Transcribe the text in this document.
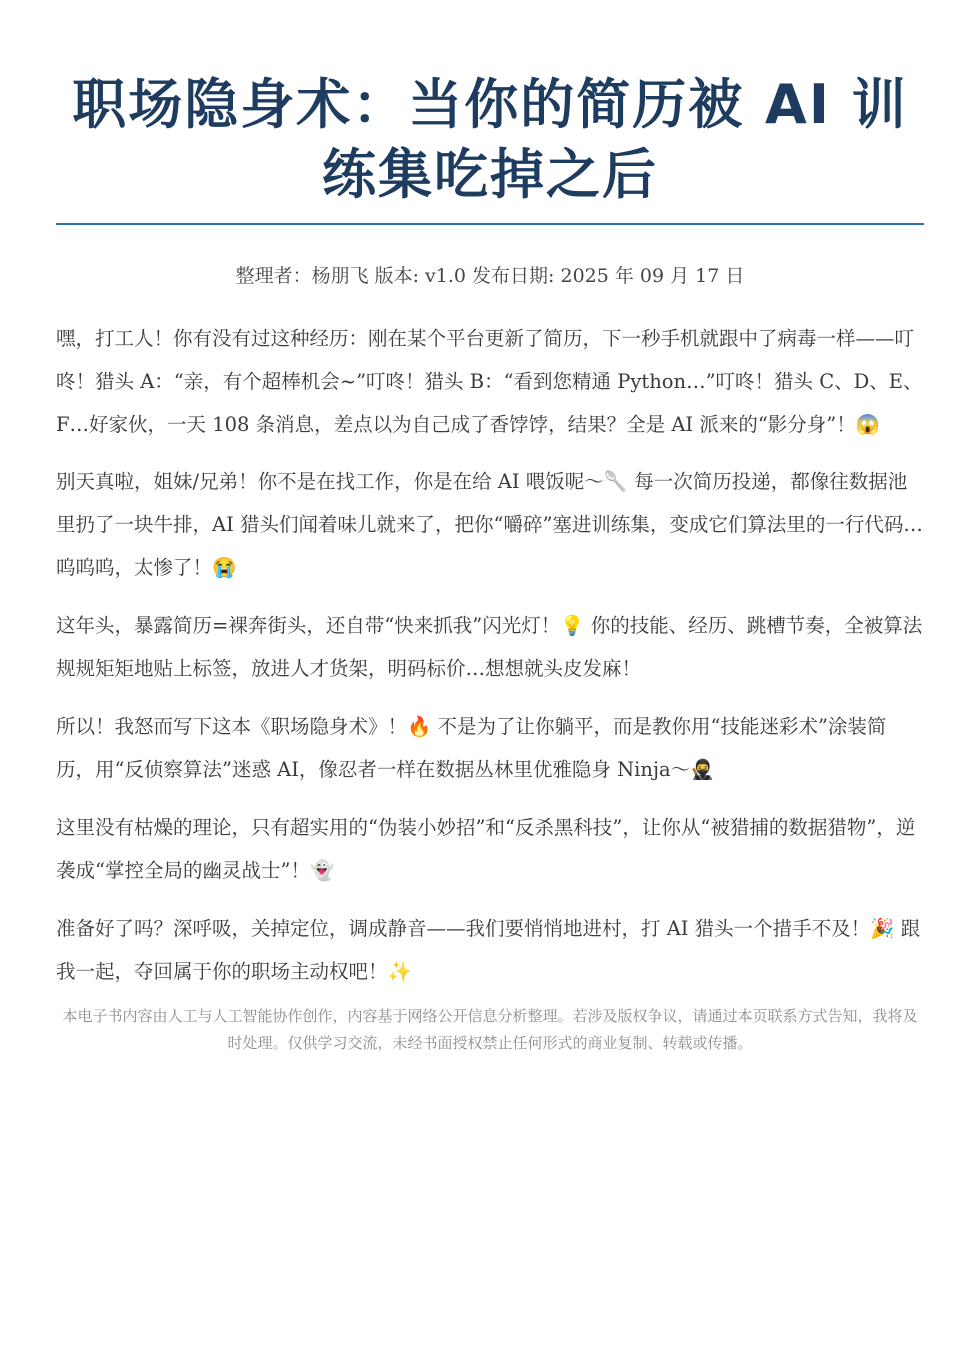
职场隐身术：当你的简历被 AI 训练集吃掉之后
整理者：杨朋飞 版本: v1.0 发布日期: 2025 年 09 月 17 日

嘿，打工人！你有没有过这种经历：刚在某个平台更新了简历，下一秒手机就跟中了病毒一样——叮咚！猎头 A：“亲，有个超棒机会~”叮咚！猎头 B：“看到您精通 Python…”叮咚！猎头 C、D、E、F…好家伙，一天 108 条消息，差点以为自己成了香饽饽，结果？全是 AI 派来的“影分身”！😱

别天真啦，姐妹/兄弟！你不是在找工作，你是在给 AI 喂饭呢～🥄 每一次简历投递，都像往数据池里扔了一块牛排，AI 猎头们闻着味儿就来了，把你“嚼碎”塞进训练集，变成它们算法里的一行代码…呜呜呜，太惨了！😭

这年头，暴露简历=裸奔街头，还自带“快来抓我”闪光灯！💡 你的技能、经历、跳槽节奏，全被算法规规矩矩地贴上标签，放进人才货架，明码标价…想想就头皮发麻！

所以！我怒而写下这本《职场隐身术》！🔥 不是为了让你躺平，而是教你用“技能迷彩术”涂装简历，用“反侦察算法”迷惑 AI，像忍者一样在数据丛林里优雅隐身 Ninja～🥷

这里没有枯燥的理论，只有超实用的“伪装小妙招”和“反杀黑科技”，让你从“被猎捕的数据猎物”，逆袭成“掌控全局的幽灵战士”！👻

准备好了吗？深呼吸，关掉定位，调成静音——我们要悄悄地进村，打 AI 猎头一个措手不及！🎉 跟我一起，夺回属于你的职场主动权吧！✨

本电子书内容由人工与人工智能协作创作，内容基于网络公开信息分析整理。若涉及版权争议，请通过本页联系方式告知，我将及时处理。仅供学习交流，未经书面授权禁止任何形式的商业复制、转载或传播。
